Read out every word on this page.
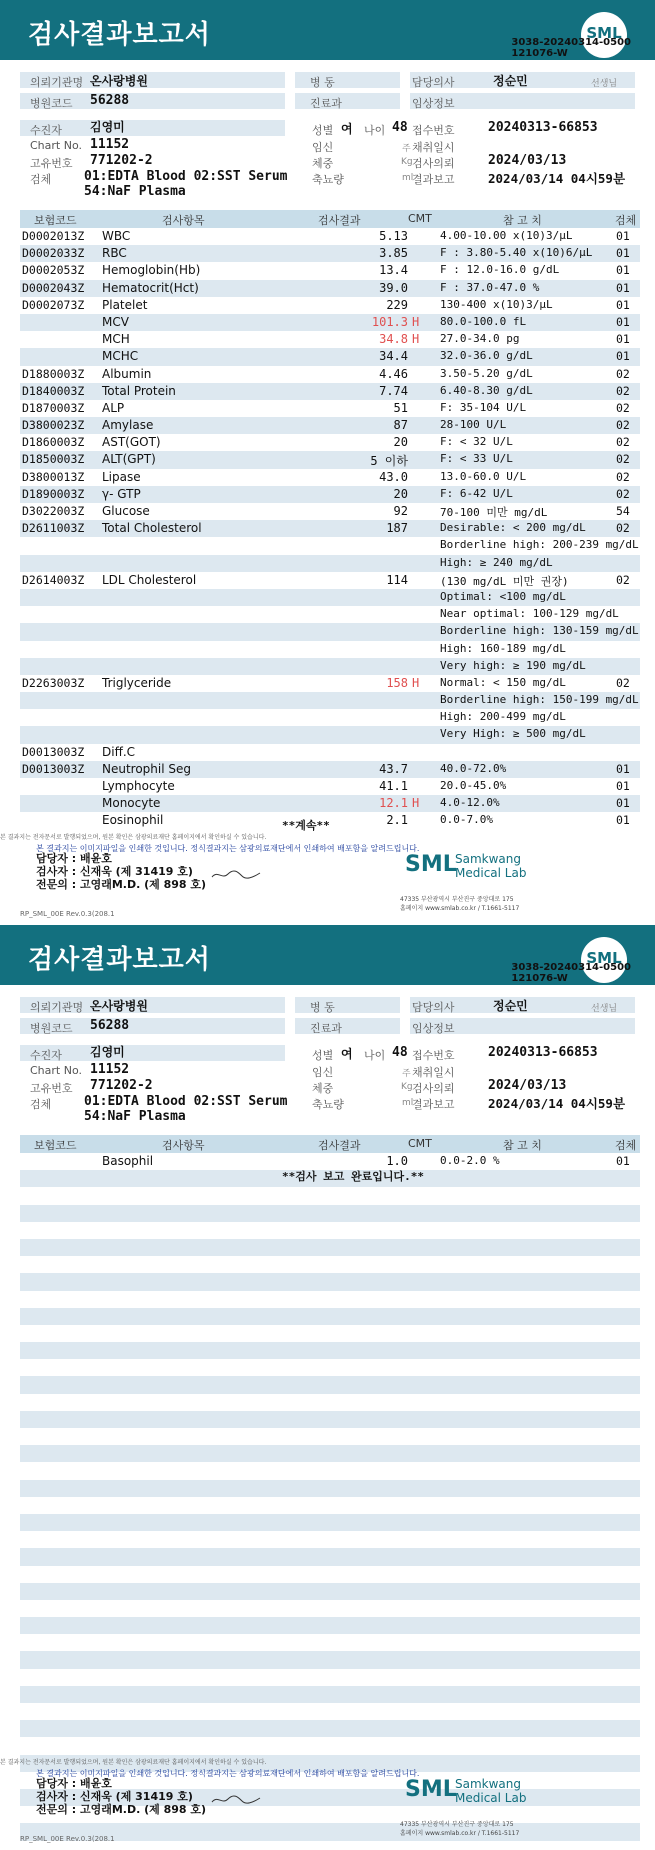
검사결과보고서	SML
3038-20240314-0500
121076-W
의뢰기관명 온사랑병원	병 동	담당의사	정순민	선생님
병원코드 56288	진료과	임상정보
수진자 김영미
Chart No. 11152
고유번호 771202-2
검체	01:EDTA Blood 02:SST Serum
54:NaF Plasma
성별 여 나이 48
임신	주
체중	Kg
축뇨량	ml
접수번호	20240313-66853
채취일시
검사의뢰	2024/03/13
결과보고	2024/03/14 04시59분
보험코드	검사항목	검사결과	CMT	참 고 치	검체
D0002013Z WBC	5.13	4.00-10.00 x(10)3/μL	01
D0002033Z RBC	3.85	F : 3.80-5.40 x(10)6/μL 01
D0002053Z Hemoglobin(Hb)	13.4	F : 12.0-16.0 g/dL	01
D0002043Z Hematocrit(Hct)	39.0	F : 37.0-47.0 %	01
D0002073Z Platelet	229	130-400 x(10)3/μL	01
MCV	101.3 H 80.0-100.0 fL	01
MCH	34.8 H 27.0-34.0 pg	01
MCHC	34.4	32.0-36.0 g/dL	01
D1880003Z Albumin	4.46	3.50-5.20 g/dL	02
D1840003Z Total Protein	7.74	6.40-8.30 g/dL	02
D1870003Z ALP	51	F: 35-104 U/L	02
D3800023Z Amylase	87	28-100 U/L	02
D1860003Z AST(GOT)	20	F: < 32 U/L	02
D1850003Z ALT(GPT)	5 이하	F: < 33 U/L	02
D3800013Z Lipase	43.0	13.0-60.0 U/L	02
D1890003Z γ- GTP	20	F: 6-42 U/L	02
D3022003Z Glucose	92	70-100 미만 mg/dL	54
D2611003Z Total Cholesterol	187	Desirable: < 200 mg/dL	02
Borderline high: 200-239 mg/dL
High: ≥ 240 mg/dL
D2614003Z LDL Cholesterol	114	(130 mg/dL 미만 권장)	02
Optimal: <100 mg/dL
Near optimal: 100-129 mg/dL
Borderline high: 130-159 mg/dL
High: 160-189 mg/dL
Very high: ≥ 190 mg/dL
D2263003Z Triglyceride	158 H Normal: < 150 mg/dL	02
Borderline high: 150-199 mg/dL
High: 200-499 mg/dL
Very High: ≥ 500 mg/dL
D0013003Z Diff.C
D0013003Z Neutrophil Seg	43.7	40.0-72.0%	01
Lymphocyte	41.1	20.0-45.0%	01
Monocyte	12.1 H 4.0-12.0%	01
Eosinophil	2.1	0.0-7.0%	01
**계속**
본 결과지는 전자문서로 발행되었으며, 원본 확인은 삼광의료재단 홈페이지에서 확인하실 수 있습니다.
본 결과지는 이미지파일을 인쇄한 것입니다. 정식결과지는 삼광의료재단에서 인쇄하여 배포함을 알려드립니다.
담당자 : 배윤호
검사자 : 신재욱 (제 31419 호)
전문의 : 고영래M.D. (제 898 호)
SML
Samkwang
Medical Lab
47335 부산광역시 부산진구 중앙대로 175
홈페이지 www.smlab.co.kr / T.1661-5117
RP_SML_00E Rev.0.3(208.1
검사결과보고서	SML
3038-20240314-0500
121076-W
의뢰기관명 온사랑병원	병 동	담당의사	정순민	선생님
병원코드 56288	진료과	임상정보
수진자 김영미
Chart No. 11152
고유번호 771202-2
검체	01:EDTA Blood 02:SST Serum
54:NaF Plasma
성별 여 나이 48
임신	주
체중	Kg
축뇨량	ml
접수번호	20240313-66853
채취일시
검사의뢰	2024/03/13
결과보고	2024/03/14 04시59분
보험코드	검사항목	검사결과	CMT	참 고 치	검체
Basophil	1.0	0.0-2.0 %	01
**검사 보고 완료입니다.**
본 결과지는 전자문서로 발행되었으며, 원본 확인은 삼광의료재단 홈페이지에서 확인하실 수 있습니다.
본 결과지는 이미지파일을 인쇄한 것입니다. 정식결과지는 삼광의료재단에서 인쇄하여 배포함을 알려드립니다.
담당자 : 배윤호
검사자 : 신재욱 (제 31419 호)
전문의 : 고영래M.D. (제 898 호)
SML
Samkwang
Medical Lab
47335 부산광역시 부산진구 중앙대로 175
홈페이지 www.smlab.co.kr / T.1661-5117
RP_SML_00E Rev.0.3(208.1
